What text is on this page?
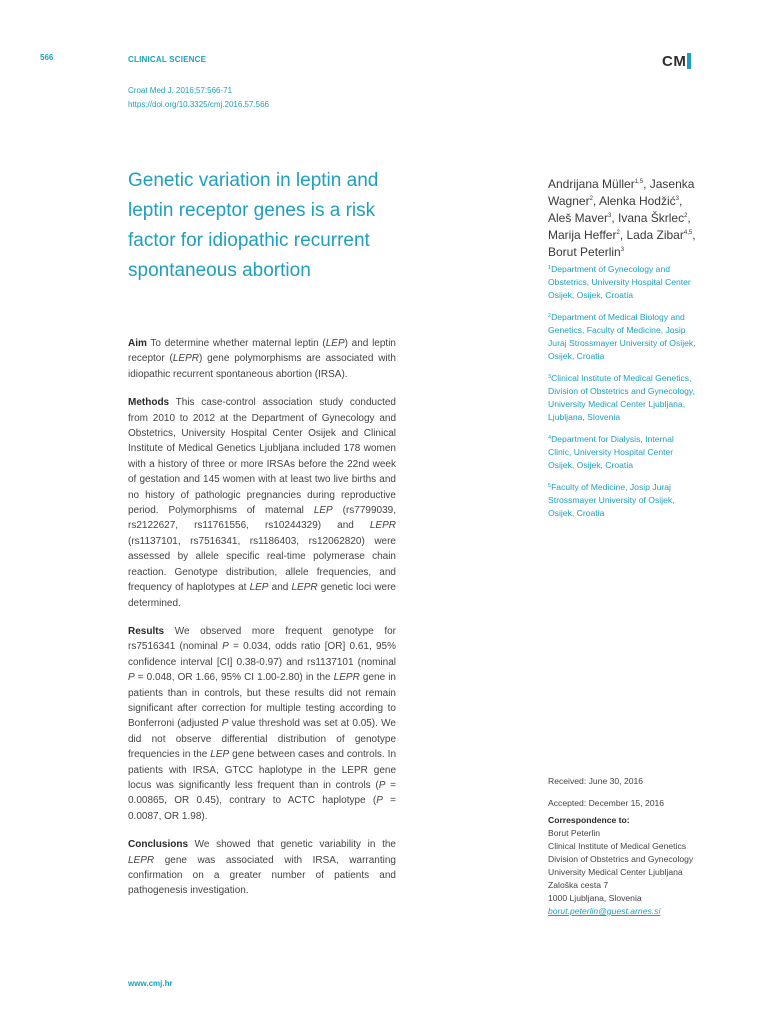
566	CLINICAL SCIENCE	CM
Croat Med J. 2016;57:566-71
https://doi.org/10.3325/cmj.2016.57.566
Genetic variation in leptin and leptin receptor genes is a risk factor for idiopathic recurrent spontaneous abortion

Aim To determine whether maternal leptin (LEP) and leptin receptor (LEPR) gene polymorphisms are associated with idiopathic recurrent spontaneous abortion (IRSA).

Methods This case-control association study conducted from 2010 to 2012 at the Department of Gynecology and Obstetrics, University Hospital Center Osijek and Clinical Institute of Medical Genetics Ljubljana included 178 women with a history of three or more IRSAs before the 22nd week of gestation and 145 women with at least two live births and no history of pathologic pregnancies during reproductive period. Polymorphisms of maternal LEP (rs7799039, rs2122627, rs11761556, rs10244329) and LEPR (rs1137101, rs7516341, rs1186403, rs12062820) were assessed by allele specific real-time polymerase chain reaction. Genotype distribution, allele frequencies, and frequency of haplotypes at LEP and LEPR genetic loci were determined.

Results We observed more frequent genotype for rs7516341 (nominal P = 0.034, odds ratio [OR] 0.61, 95% confidence interval [CI] 0.38-0.97) and rs1137101 (nominal P = 0.048, OR 1.66, 95% CI 1.00-2.80) in the LEPR gene in patients than in controls, but these results did not remain significant after correction for multiple testing according to Bonferroni (adjusted P value threshold was set at 0.05). We did not observe differential distribution of genotype frequencies in the LEP gene between cases and controls. In patients with IRSA, GTCC haplotype in the LEPR gene locus was significantly less frequent than in controls (P = 0.00865, OR 0.45), contrary to ACTC haplotype (P = 0.0087, OR 1.98).

Conclusions We showed that genetic variability in the LEPR gene was associated with IRSA, warranting confirmation on a greater number of patients and pathogenesis investigation.

Andrijana Müller$^{1,5}$, Jasenka Wagner$^2$, Alenka Hodžić$^3$, Aleš Maver$^3$, Ivana Škrlec$^2$, Marija Heffer$^2$, Lada Zibar$^{4,5}$, Borut Peterlin$^3$

$^1$Department of Gynecology and Obstetrics, University Hospital Center Osijek, Osijek, Croatia

$^2$Department of Medical Biology and Genetics, Faculty of Medicine, Josip Juraj Strossmayer University of Osijek, Osijek, Croatia

$^3$Clinical Institute of Medical Genetics, Division of Obstetrics and Gynecology, University Medical Center Ljubljana, Ljubljana, Slovenia

$^4$Department for Dialysis, Internal Clinic, University Hospital Center Osijek, Osijek, Croatia

$^5$Faculty of Medicine, Josip Juraj Strossmayer University of Osijek, Osijek, Croatia

Received: June 30, 2016

Accepted: December 15, 2016

Correspondence to:
Borut Peterlin
Clinical Institute of Medical Genetics
Division of Obstetrics and Gynecology
University Medical Center Ljubljana
Zaloška cesta 7
1000 Ljubljana, Slovenia
borut.peterlin@guest.arnes.si
www.cmj.hr
